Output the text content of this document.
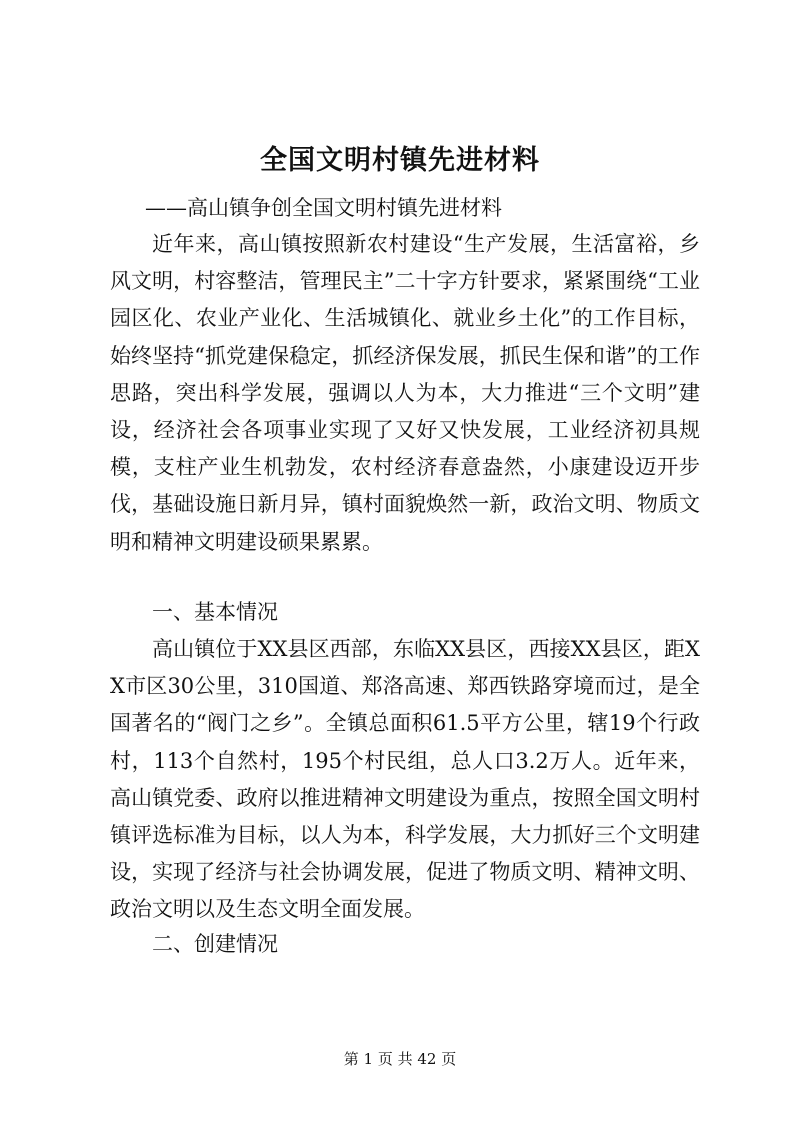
全国文明村镇先进材料

——高山镇争创全国文明村镇先进材料

近年来，高山镇按照新农村建设“生产发展，生活富裕，乡风文明，村容整洁，管理民主”二十字方针要求，紧紧围绕“工业园区化、农业产业化、生活城镇化、就业乡土化”的工作目标，始终坚持“抓党建保稳定，抓经济保发展，抓民生保和谐”的工作思路，突出科学发展，强调以人为本，大力推进“三个文明”建设，经济社会各项事业实现了又好又快发展，工业经济初具规模，支柱产业生机勃发，农村经济春意盎然，小康建设迈开步伐，基础设施日新月异，镇村面貌焕然一新，政治文明、物质文明和精神文明建设硕果累累。

一、基本情况

高山镇位于XX县区西部，东临XX县区，西接XX县区，距XX市区30公里，310国道、郑洛高速、郑西铁路穿境而过，是全国著名的“阀门之乡”。全镇总面积61.5平方公里，辖19个行政村，113个自然村，195个村民组，总人口3.2万人。近年来，高山镇党委、政府以推进精神文明建设为重点，按照全国文明村镇评选标准为目标，以人为本，科学发展，大力抓好三个文明建设，实现了经济与社会协调发展，促进了物质文明、精神文明、政治文明以及生态文明全面发展。

二、创建情况

第 1 页 共 42 页
